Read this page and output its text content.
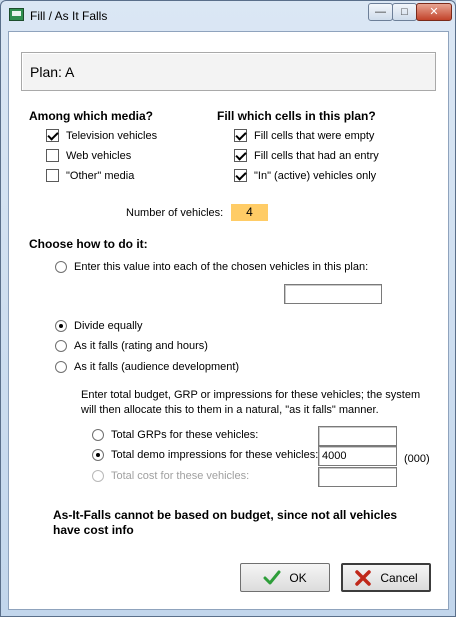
Fill / As It Falls	—	□	✕
Plan: A
Among which media?
Television vehicles
Web vehicles
"Other" media
Fill which cells in this plan?
Fill cells that were empty
Fill cells that had an entry
"In" (active) vehicles only
Number of vehicles:	4
Choose how to do it:
Enter this value into each of the chosen vehicles in this plan:
Divide equally
As it falls (rating and hours)
As it falls (audience development)
Enter total budget, GRP or impressions for these vehicles; the system will then allocate this to them in a natural, "as it falls" manner.
Total GRPs for these vehicles:
Total demo impressions for these vehicles:
4000	(000)
Total cost for these vehicles:
As-It-Falls cannot be based on budget, since not all vehicles have cost info
OK	Cancel
